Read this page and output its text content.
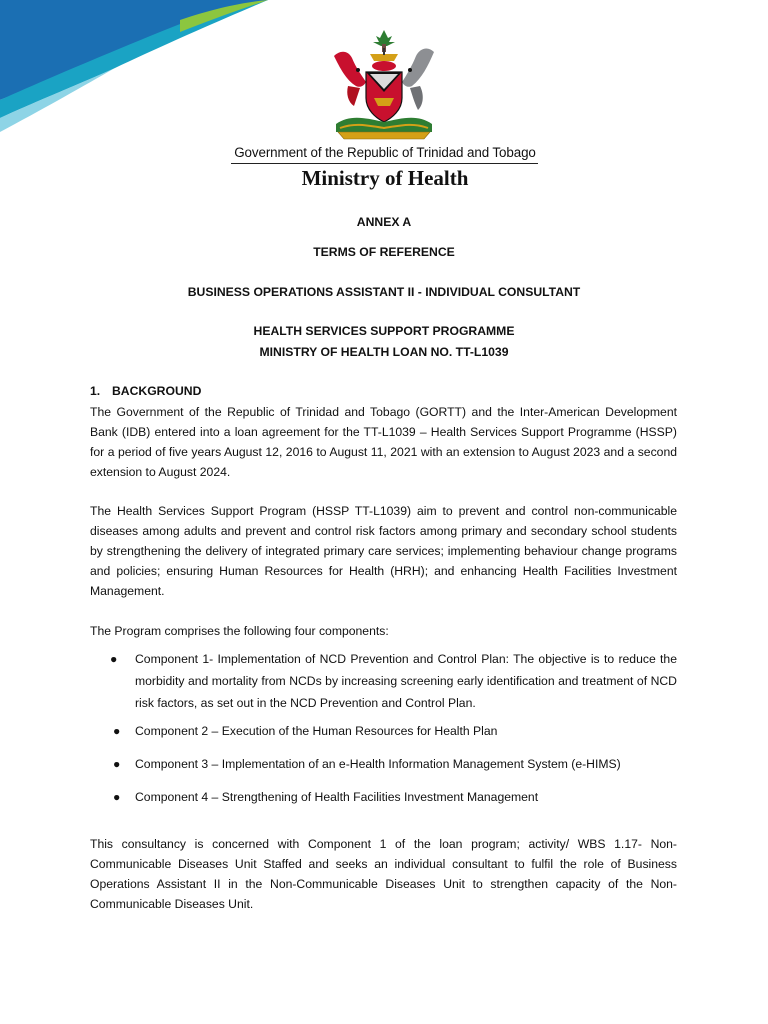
Government of the Republic of Trinidad and Tobago
Ministry of Health
ANNEX A
TERMS OF REFERENCE
BUSINESS OPERATIONS ASSISTANT II - INDIVIDUAL CONSULTANT
HEALTH SERVICES SUPPORT PROGRAMME
MINISTRY OF HEALTH LOAN NO. TT-L1039
1. BACKGROUND

The Government of the Republic of Trinidad and Tobago (GORTT) and the Inter-American Development Bank (IDB) entered into a loan agreement for the TT-L1039 – Health Services Support Programme (HSSP) for a period of five years August 12, 2016 to August 11, 2021 with an extension to August 2023 and a second extension to August 2024.

The Health Services Support Program (HSSP TT-L1039) aim to prevent and control non-communicable diseases among adults and prevent and control risk factors among primary and secondary school students by strengthening the delivery of integrated primary care services; implementing behaviour change programs and policies; ensuring Human Resources for Health (HRH); and enhancing Health Facilities Investment Management.

The Program comprises the following four components:

● Component 1- Implementation of NCD Prevention and Control Plan: The objective is to reduce the morbidity and mortality from NCDs by increasing screening early identification and treatment of NCD risk factors, as set out in the NCD Prevention and Control Plan.

● Component 2 – Execution of the Human Resources for Health Plan

● Component 3 – Implementation of an e-Health Information Management System (e-HIMS)

● Component 4 – Strengthening of Health Facilities Investment Management

This consultancy is concerned with Component 1 of the loan program; activity/ WBS 1.17- Non-Communicable Diseases Unit Staffed and seeks an individual consultant to fulfil the role of Business Operations Assistant II in the Non-Communicable Diseases Unit to strengthen capacity of the Non-Communicable Diseases Unit.
